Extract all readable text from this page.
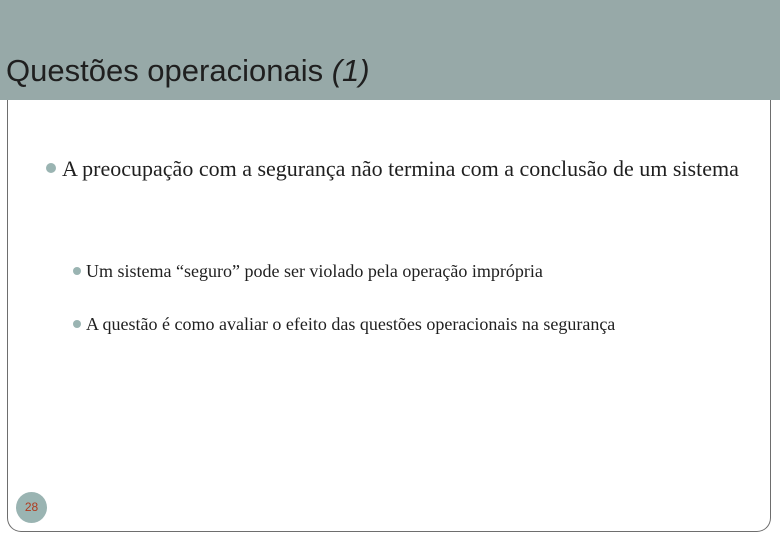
Questões operacionais (1)
A preocupação com a segurança não termina com a conclusão de um sistema
Um sistema “seguro” pode ser violado pela operação imprópria
A questão é como avaliar o efeito das questões operacionais na segurança
28
